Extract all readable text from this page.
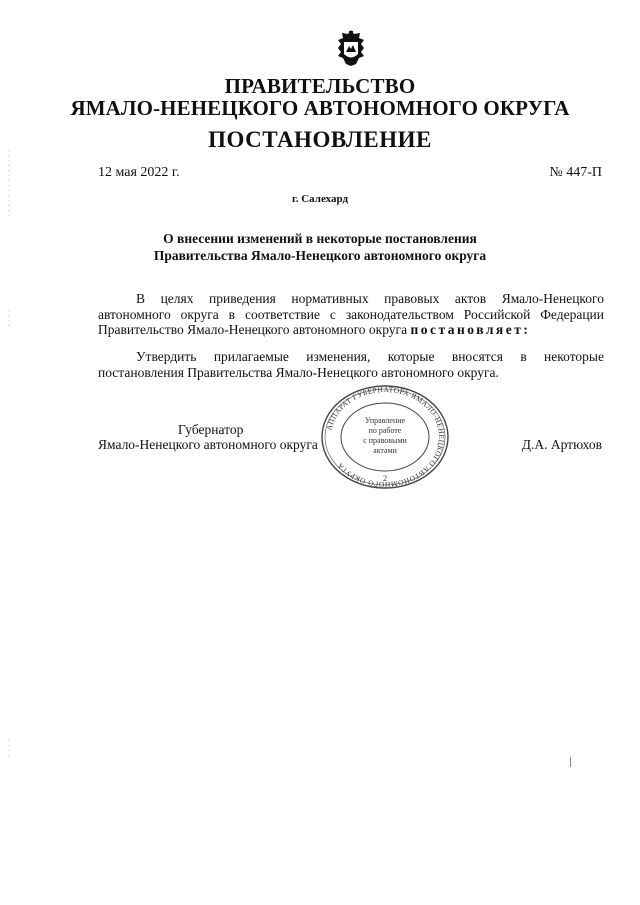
ПРАВИТЕЛЬСТВО
ЯМАЛО-НЕНЕЦКОГО АВТОНОМНОГО ОКРУГА
ПОСТАНОВЛЕНИЕ
12 мая 2022 г.	№ 447-П
г. Салехард
О внесении изменений в некоторые постановления
Правительства Ямало-Ненецкого автономного округа
В целях приведения нормативных правовых актов Ямало-Ненецкого автономного округа в соответствие с законодательством Российской Федерации Правительство Ямало-Ненецкого автономного округа постановляет:
Утвердить прилагаемые изменения, которые вносятся в некоторые постановления Правительства Ямало-Ненецкого автономного округа.
Губернатор
Ямало-Ненецкого автономного округа	Д.А. Артюхов
АППАРАТ ГУБЕРНАТОРА ЯМАЛО-НЕНЕЦКОГО АВТОНОМНОГО ОКРУГА
Управление
по работе
с правовыми
актами
2
